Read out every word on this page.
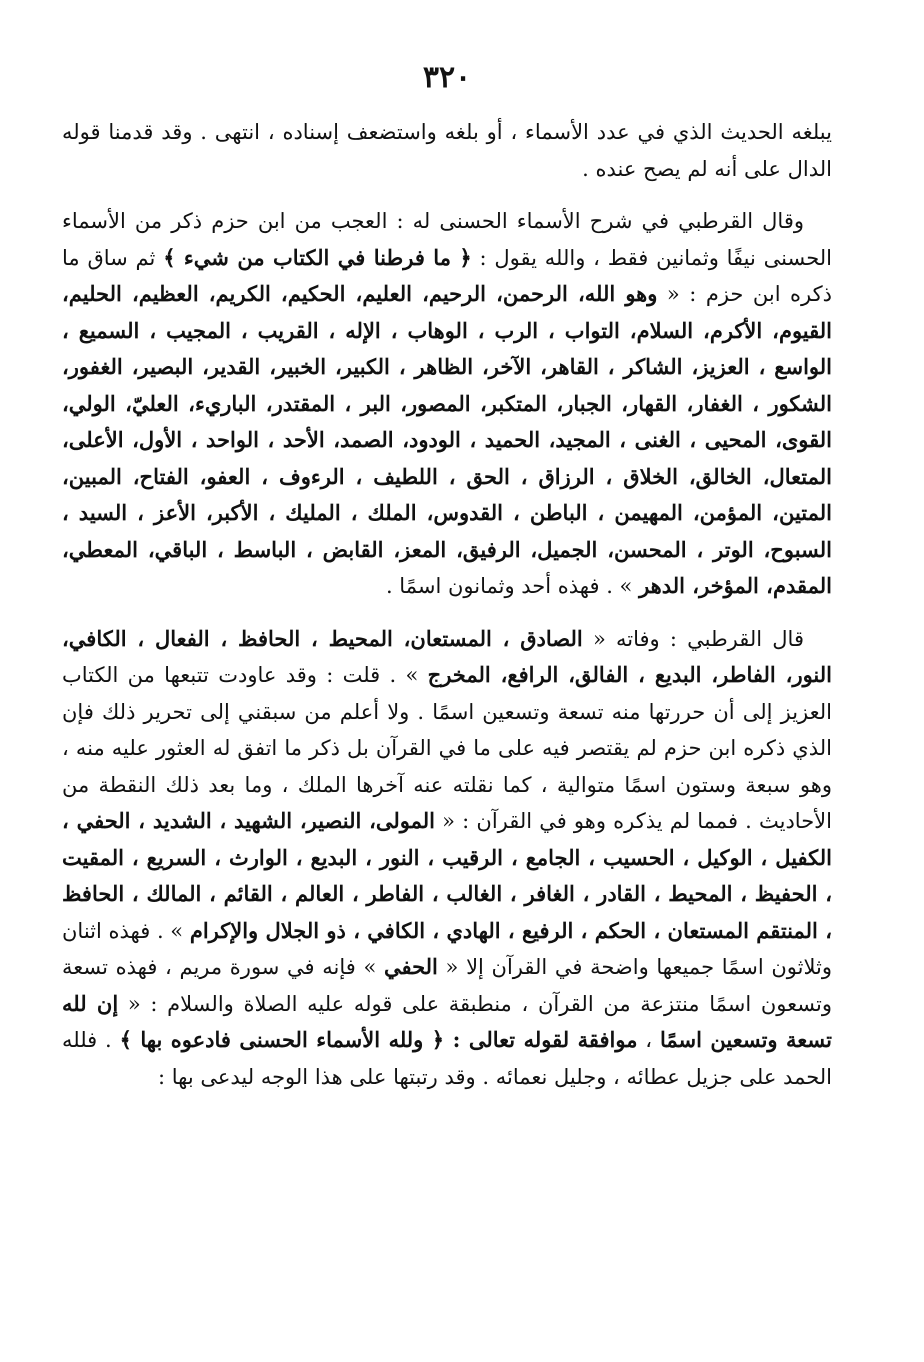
٣٢٠

يبلغه الحديث الذي في عدد الأسماء ، أو بلغه واستضعف إسناده ، انتهى . وقد قدمنا قوله الدال على أنه لم يصح عنده .

وقال القرطبي في شرح الأسماء الحسنى له : العجب من ابن حزم ذكر من الأسماء الحسنى نيفًا وثمانين فقط ، والله يقول : ﴿ ما فرطنا في الكتاب من شيء ﴾ ثم ساق ما ذكره ابن حزم : « وهو الله، الرحمن، الرحيم، العليم، الحكيم، الكريم، العظيم، الحليم، القيوم، الأكرم، السلام، التواب ، الرب ، الوهاب ، الإله ، القريب ، المجيب ، السميع ، الواسع ، العزيز، الشاكر ، القاهر، الآخر، الظاهر ، الكبير، الخبير، القدير، البصير، الغفور، الشكور ، الغفار، القهار، الجبار، المتكبر، المصور، البر ، المقتدر، الباريء، العليّ، الولي، القوى، المحيى ، الغنى ، المجيد، الحميد ، الودود، الصمد، الأحد ، الواحد ، الأول، الأعلى، المتعال، الخالق، الخلاق ، الرزاق ، الحق ، اللطيف ، الرءوف ، العفو، الفتاح، المبين، المتين، المؤمن، المهيمن ، الباطن ، القدوس، الملك ، المليك ، الأكبر، الأعز ، السيد ، السبوح، الوتر ، المحسن، الجميل، الرفيق، المعز، القابض ، الباسط ، الباقي، المعطي، المقدم، المؤخر، الدهر » . فهذه أحد وثمانون اسمًا .

قال القرطبي : وفاته « الصادق ، المستعان، المحيط ، الحافظ ، الفعال ، الكافي، النور، الفاطر، البديع ، الفالق، الرافع، المخرج » . قلت : وقد عاودت تتبعها من الكتاب العزيز إلى أن حررتها منه تسعة وتسعين اسمًا . ولا أعلم من سبقني إلى تحرير ذلك فإن الذي ذكره ابن حزم لم يقتصر فيه على ما في القرآن بل ذكر ما اتفق له العثور عليه منه ، وهو سبعة وستون اسمًا متوالية ، كما نقلته عنه آخرها الملك ، وما بعد ذلك النقطة من الأحاديث . فمما لم يذكره وهو في القرآن : « المولى، النصير، الشهيد ، الشديد ، الحفي ، الكفيل ، الوكيل ، الحسيب ، الجامع ، الرقيب ، النور ، البديع ، الوارث ، السريع ، المقيت ، الحفيظ ، المحيط ، القادر ، الغافر ، الغالب ، الفاطر ، العالم ، القائم ، المالك ، الحافظ ، المنتقم المستعان ، الحكم ، الرفيع ، الهادي ، الكافي ، ذو الجلال والإكرام » . فهذه اثنان وثلاثون اسمًا جميعها واضحة في القرآن إلا « الحفي » فإنه في سورة مريم ، فهذه تسعة وتسعون اسمًا منتزعة من القرآن ، منطبقة على قوله عليه الصلاة والسلام : « إن لله تسعة وتسعين اسمًا ، موافقة لقوله تعالى : ﴿ ولله الأسماء الحسنى فادعوه بها ﴾ . فلله الحمد على جزيل عطائه ، وجليل نعمائه . وقد رتبتها على هذا الوجه ليدعى بها :
